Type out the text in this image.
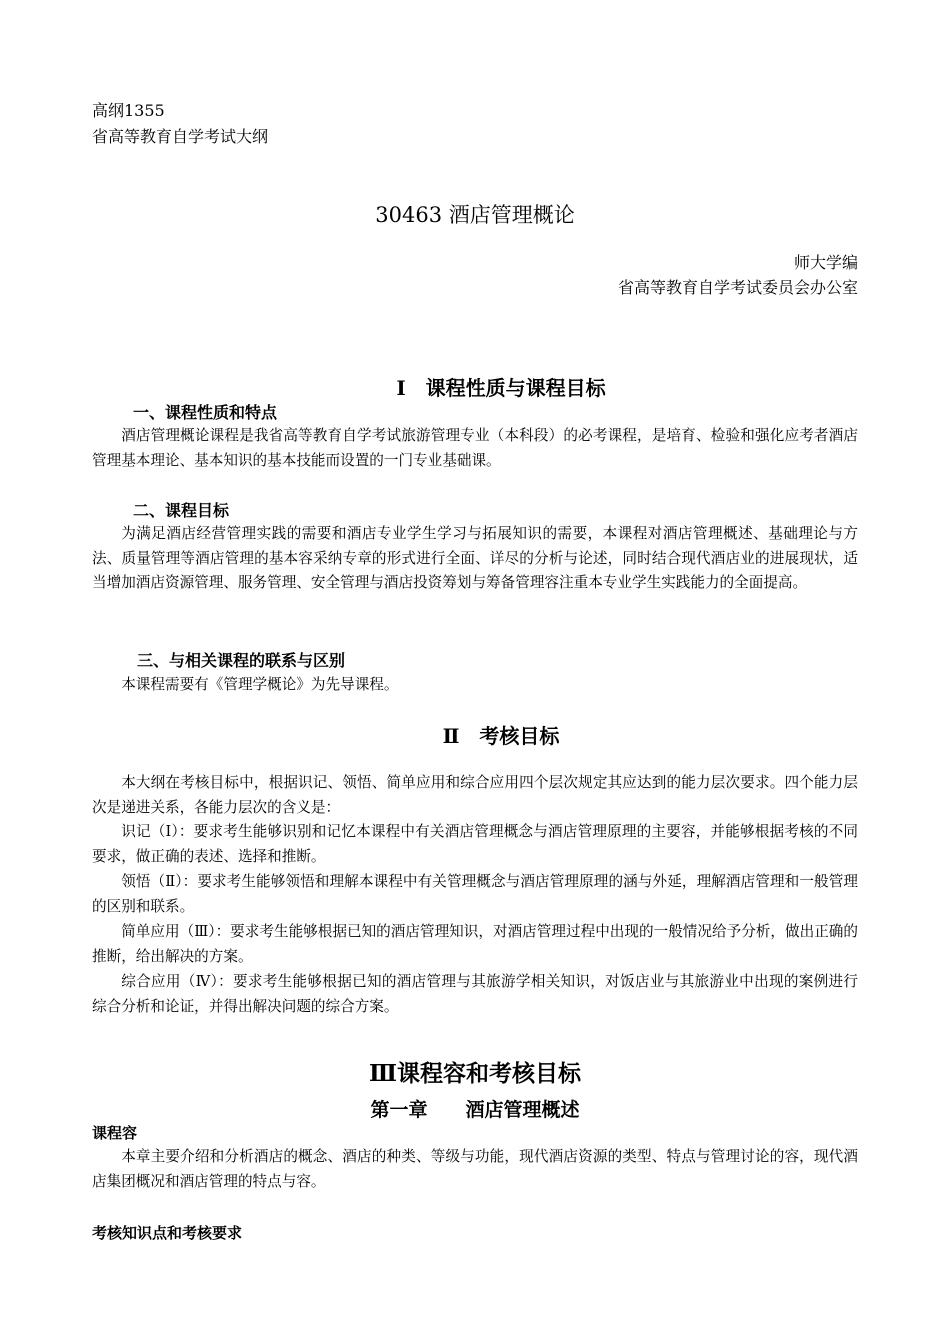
高纲1355
省高等教育自学考试大纲
30463 酒店管理概论
师大学编
省高等教育自学考试委员会办公室
Ⅰ　课程性质与课程目标
一、课程性质和特点
酒店管理概论课程是我省高等教育自学考试旅游管理专业（本科段）的必考课程，是培育、检验和强化应考者酒店管理基本理论、基本知识的基本技能而设置的一门专业基础课。
二、课程目标
为满足酒店经营管理实践的需要和酒店专业学生学习与拓展知识的需要，本课程对酒店管理概述、基础理论与方法、质量管理等酒店管理的基本容采纳专章的形式进行全面、详尽的分析与论述，同时结合现代酒店业的进展现状，适当增加酒店资源管理、服务管理、安全管理与酒店投资筹划与筹备管理容注重本专业学生实践能力的全面提高。
三、与相关课程的联系与区别
本课程需要有《管理学概论》为先导课程。
Ⅱ　考核目标
本大纲在考核目标中，根据识记、领悟、简单应用和综合应用四个层次规定其应达到的能力层次要求。四个能力层次是递进关系，各能力层次的含义是：
识记（Ⅰ）：要求考生能够识别和记忆本课程中有关酒店管理概念与酒店管理原理的主要容，并能够根据考核的不同要求，做正确的表述、选择和推断。
领悟（Ⅱ）：要求考生能够领悟和理解本课程中有关管理概念与酒店管理原理的涵与外延，理解酒店管理和一般管理的区别和联系。
简单应用（Ⅲ）：要求考生能够根据已知的酒店管理知识，对酒店管理过程中出现的一般情况给予分析，做出正确的推断，给出解决的方案。
综合应用（Ⅳ）：要求考生能够根据已知的酒店管理与其旅游学相关知识，对饭店业与其旅游业中出现的案例进行综合分析和论证，并得出解决问题的综合方案。
Ⅲ课程容和考核目标
第一章　　酒店管理概述
课程容
本章主要介绍和分析酒店的概念、酒店的种类、等级与功能，现代酒店资源的类型、特点与管理讨论的容，现代酒店集团概况和酒店管理的特点与容。
考核知识点和考核要求
